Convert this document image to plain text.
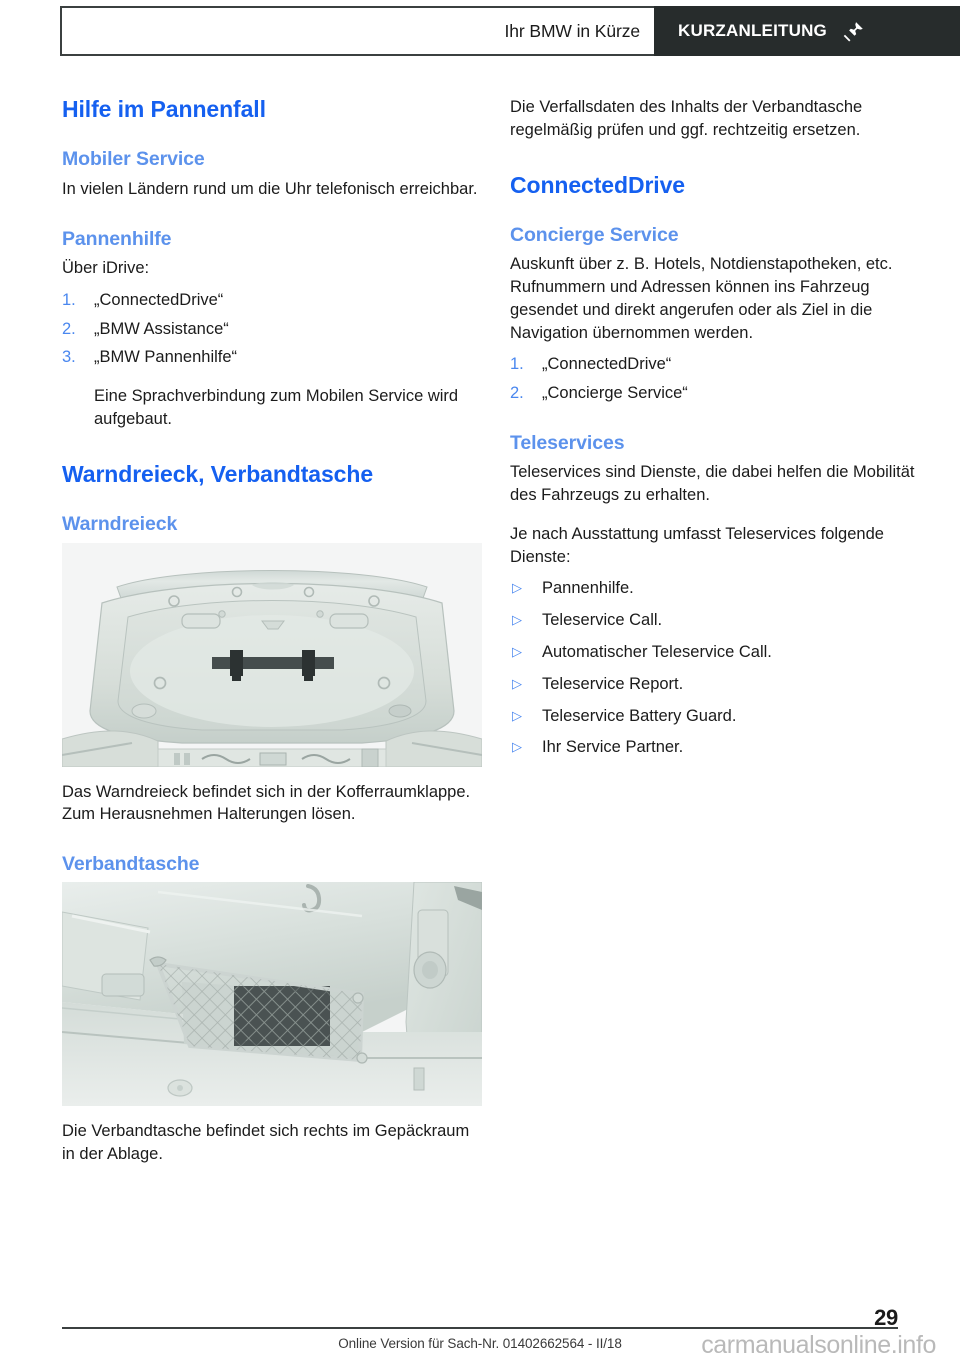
Ihr BMW in Kürze KURZANLEITUNG
Hilfe im Pannenfall
Mobiler Service

In vielen Ländern rund um die Uhr telefonisch erreichbar.

Pannenhilfe

Über iDrive:

1. „ConnectedDrive“
2. „BMW Assistance“
3. „BMW Pannenhilfe“

Eine Sprachverbindung zum Mobilen Service wird aufgebaut.

Warndreieck, Verbandtasche
Warndreieck

Das Warndreieck befindet sich in der Kofferraumklappe. Zum Herausnehmen Halterungen lösen.

Verbandtasche

Die Verbandtasche befindet sich rechts im Gepäckraum in der Ablage.

Die Verfallsdaten des Inhalts der Verbandtasche regelmäßig prüfen und ggf. rechtzeitig ersetzen.

ConnectedDrive
Concierge Service

Auskunft über z. B. Hotels, Notdienstapotheken, etc. Rufnummern und Adressen können ins Fahrzeug gesendet und direkt angerufen oder als Ziel in die Navigation übernommen werden.

1. „ConnectedDrive“
2. „Concierge Service“
Teleservices

Teleservices sind Dienste, die dabei helfen die Mobilität des Fahrzeugs zu erhalten.

Je nach Ausstattung umfasst Teleservices folgende Dienste:

▷ Pannenhilfe.
▷ Teleservice Call.
▷ Automatischer Teleservice Call.
▷ Teleservice Report.
▷ Teleservice Battery Guard.
▷ Ihr Service Partner.
29
Online Version für Sach-Nr. 01402662564 - II/18	carmanualsonline.info
